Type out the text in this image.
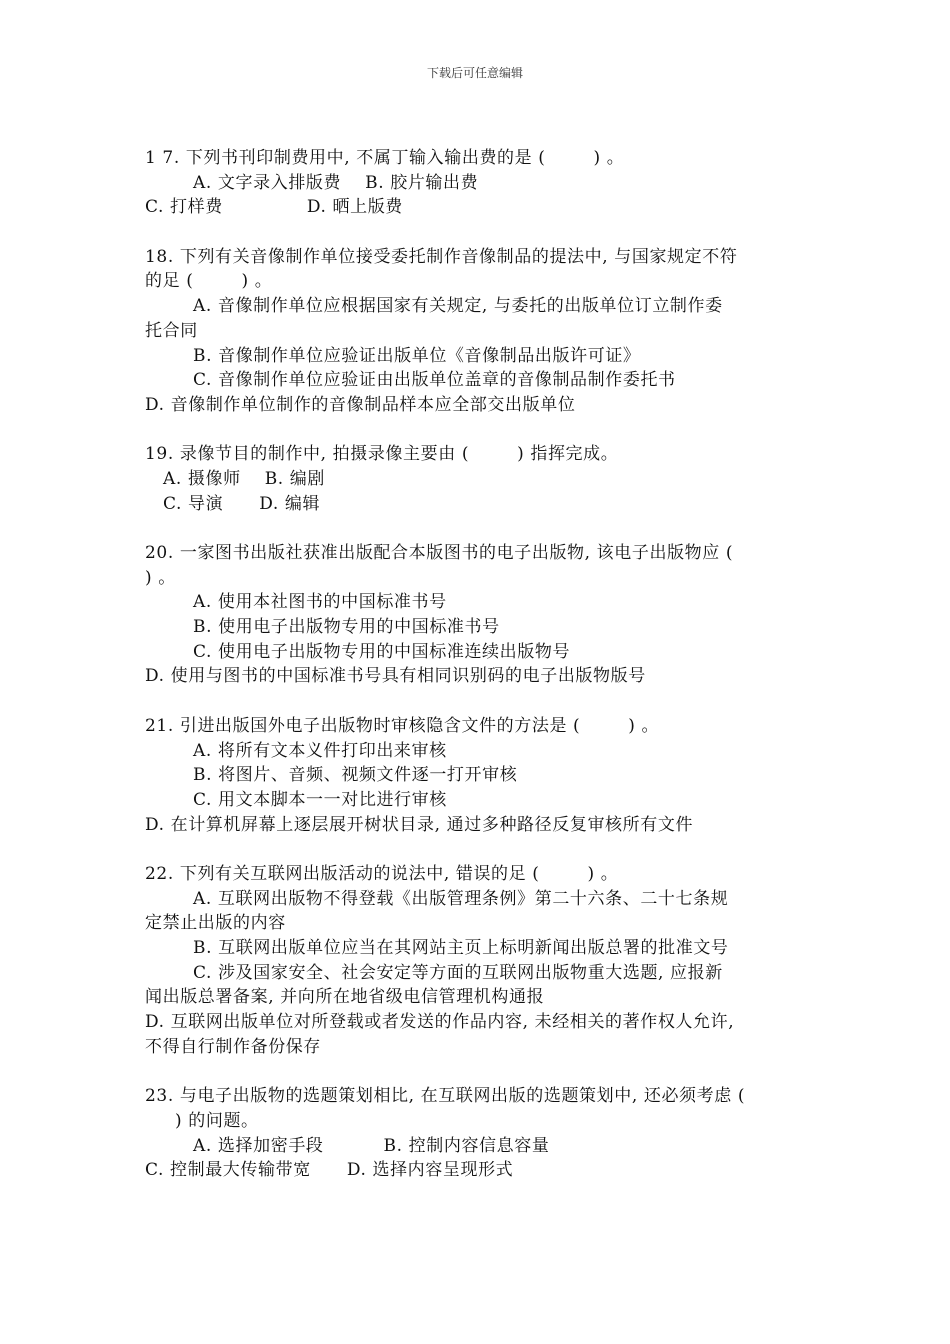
下载后可任意编辑
1 7. 下列书刊印制费用中, 不属丁输入输出费的是 (        ) 。
A. 文字录入排版费    B. 胶片输出费
C. 打样费              D. 晒上版费
18. 下列有关音像制作单位接受委托制作音像制品的提法中, 与国家规定不符
的足 (        ) 。
A. 音像制作单位应根据国家有关规定, 与委托的出版单位订立制作委
托合同
B. 音像制作单位应验证出版单位《音像制品出版许可证》
C. 音像制作单位应验证由出版单位盖章的音像制品制作委托书
D. 音像制作单位制作的音像制品样本应全部交出版单位
19. 录像节目的制作中, 拍摄录像主要由 (        ) 指挥完成。
A. 摄像师    B. 编剧
C. 导演      D. 编辑
20. 一家图书出版社获准出版配合本版图书的电子出版物, 该电子出版物应 (
) 。
A. 使用本社图书的中国标准书号
B. 使用电子出版物专用的中国标准书号
C. 使用电子出版物专用的中国标准连续出版物号
D. 使用与图书的中国标准书号具有相同识别码的电子出版物版号
21. 引进出版国外电子出版物时审核隐含文件的方法是 (        ) 。
A. 将所有文本义件打印出来审核
B. 将图片、音频、视频文件逐一打开审核
C. 用文本脚本一一对比进行审核
D. 在计算机屏幕上逐层展开树状目录, 通过多种路径反复审核所有文件
22. 下列有关互联网出版活动的说法中, 错误的足 (        ) 。
A. 互联网出版物不得登载《出版管理条例》第二十六条、二十七条规
定禁止出版的内容
B. 互联网出版单位应当在其网站主页上标明新闻出版总署的批准文号
C. 涉及国家安全、社会安定等方面的互联网出版物重大选题, 应报新
闻出版总署备案, 并向所在地省级电信管理机构通报
D. 互联网出版单位对所登载或者发送的作品内容, 未经相关的著作权人允许,
不得自行制作备份保存
23. 与电子出版物的选题策划相比, 在互联网出版的选题策划中, 还必须考虑 (
) 的问题。
A. 选择加密手段          B. 控制内容信息容量
C. 控制最大传输带宽      D. 选择内容呈现形式
